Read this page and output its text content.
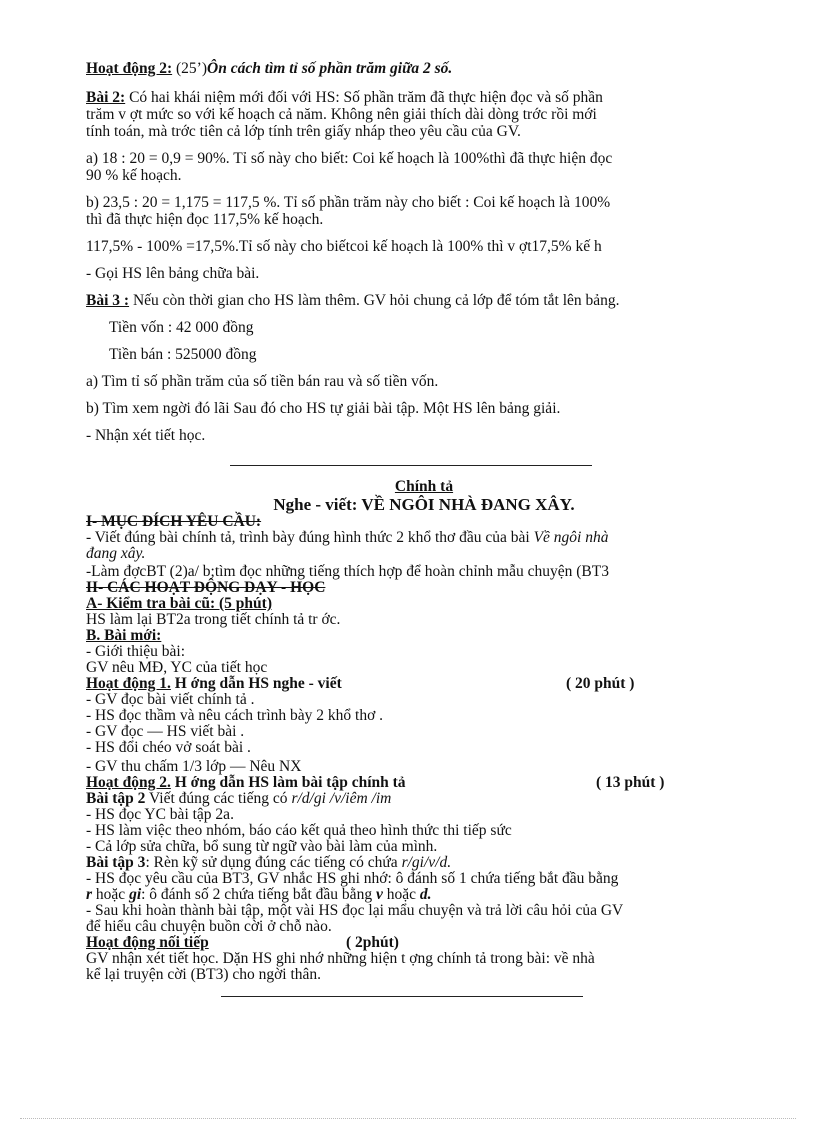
Hoạt động 2: (25’)Ôn cách tìm tỉ số phần trăm giữa 2 số.

Bài 2: Có hai khái niệm mới đối với HS: Số phần trăm đã thực hiện đọc và số phần

trăm v ợt mức so với kế hoạch cả năm. Không nên giải thích dài dòng trớc rồi mới

tính toán, mà trớc tiên cả lớp tính trên giấy nháp theo yêu cầu của GV.

a) 18 : 20 = 0,9 = 90%. Tỉ số này cho biết: Coi kế hoạch là 100%thì đã thực hiện đọc

90 % kế hoạch.

b) 23,5 : 20 = 1,175 = 117,5 %. Tỉ số phần trăm này cho biết : Coi kế hoạch là 100%

thì đã thực hiện đọc 117,5% kế hoạch.

117,5% - 100% =17,5%.Tỉ số này cho biếtcoi kế hoạch là 100% thì v ợt17,5% kế h

- Gọi HS lên bảng chữa bài.

Bài 3 : Nếu còn thời gian cho HS làm thêm. GV hỏi chung cả lớp để tóm tắt lên bảng.

Tiền vốn : 42 000 đồng

Tiền bán : 525000 đồng

a) Tìm tỉ số phần trăm của số tiền bán rau và số tiền vốn.

b) Tìm xem ngời đó lãi Sau đó cho HS tự giải bài tập. Một HS lên bảng giải.

- Nhận xét tiết học.

Chính tả

Nghe - viết: VỀ NGÔI NHÀ ĐANG XÂY.

I- MỤC ĐÍCH YÊU CẦU:

- Viết đúng bài chính tả, trình bày đúng hình thức 2 khổ thơ đầu của bài Về ngôi nhà

đang xây.

-Làm đợcBT (2)a/ b;tìm đọc những tiếng thích hợp để hoàn chỉnh mẫu chuyện (BT3

II- CÁC HOẠT ĐỘNG DẠY - HỌC

A- Kiểm tra bài cũ: (5 phút)

HS làm lại BT2a trong tiết chính tả tr ớc.

B. Bài mới:

- Giới thiệu bài:

GV nêu MĐ, YC của tiết học

Hoạt động 1. H ớng dẫn HS nghe - viết	( 20 phút )

- GV đọc bài viết chính tả .

- HS đọc thầm và nêu cách trình bày 2 khổ thơ .

- GV đọc — HS viết bài .

- HS đổi chéo vở soát bài .

- GV thu chấm 1/3 lớp — Nêu NX

Hoạt động 2. H ớng dẫn HS làm bài tập chính tả	( 13 phút )

Bài tập 2 Viết đúng các tiếng có r/d/gi /v/iêm /im

- HS đọc YC bài tập 2a.

- HS làm việc theo nhóm, báo cáo kết quả theo hình thức thi tiếp sức

- Cả lớp sửa chữa, bổ sung từ ngữ vào bài làm của mình.

Bài tập 3: Rèn kỹ sử dụng đúng các tiếng có chứa r/gi/v/d.

- HS đọc yêu cầu của BT3, GV nhắc HS ghi nhớ: ô đánh số 1 chứa tiếng bắt đầu bằng

r hoặc gi: ô đánh số 2 chứa tiếng bắt đầu bằng v hoặc d.

- Sau khi hoàn thành bài tập, một vài HS đọc lại mẩu chuyện và trả lời câu hỏi của GV

để hiểu câu chuyện buồn cời ở chỗ nào.

Hoạt động nối tiếp	( 2phút)

GV nhận xét tiết học. Dặn HS ghi nhớ những hiện t ợng chính tả trong bài: về nhà

kể lại truyện cời (BT3) cho ngời thân.
